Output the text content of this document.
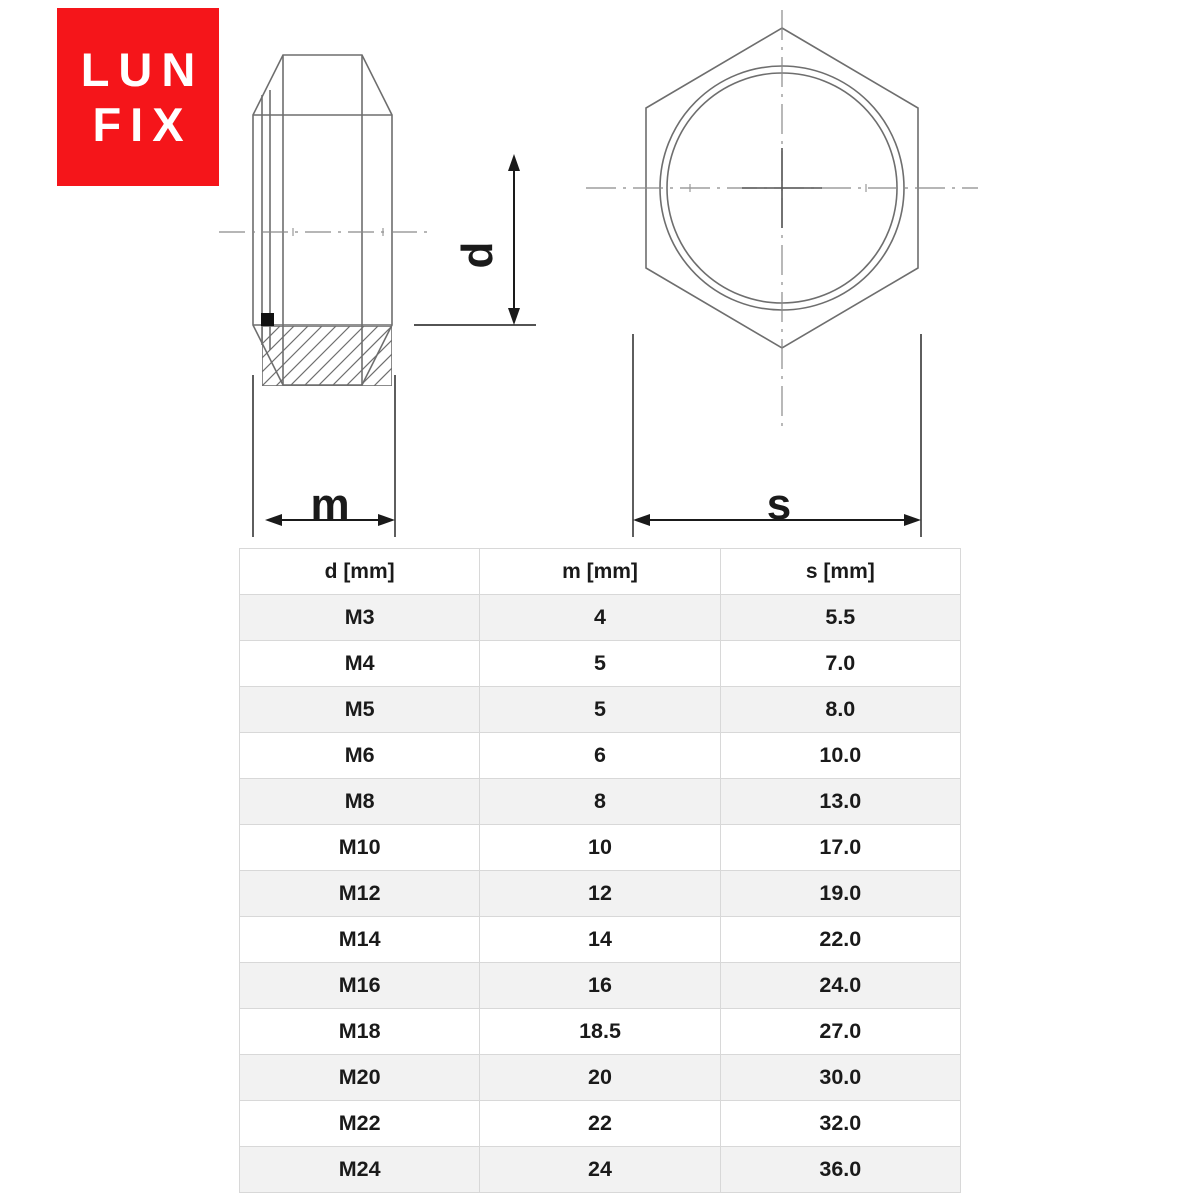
LUN
FIX
d
m	s
d [mm]	m [mm]	s [mm]
M3	4	5.5
M4	5	7.0
M5	5	8.0
M6	6	10.0
M8	8	13.0
M10	10	17.0
M12	12	19.0
M14	14	22.0
M16	16	24.0
M18	18.5	27.0
M20	20	30.0
M22	22	32.0
M24	24	36.0
